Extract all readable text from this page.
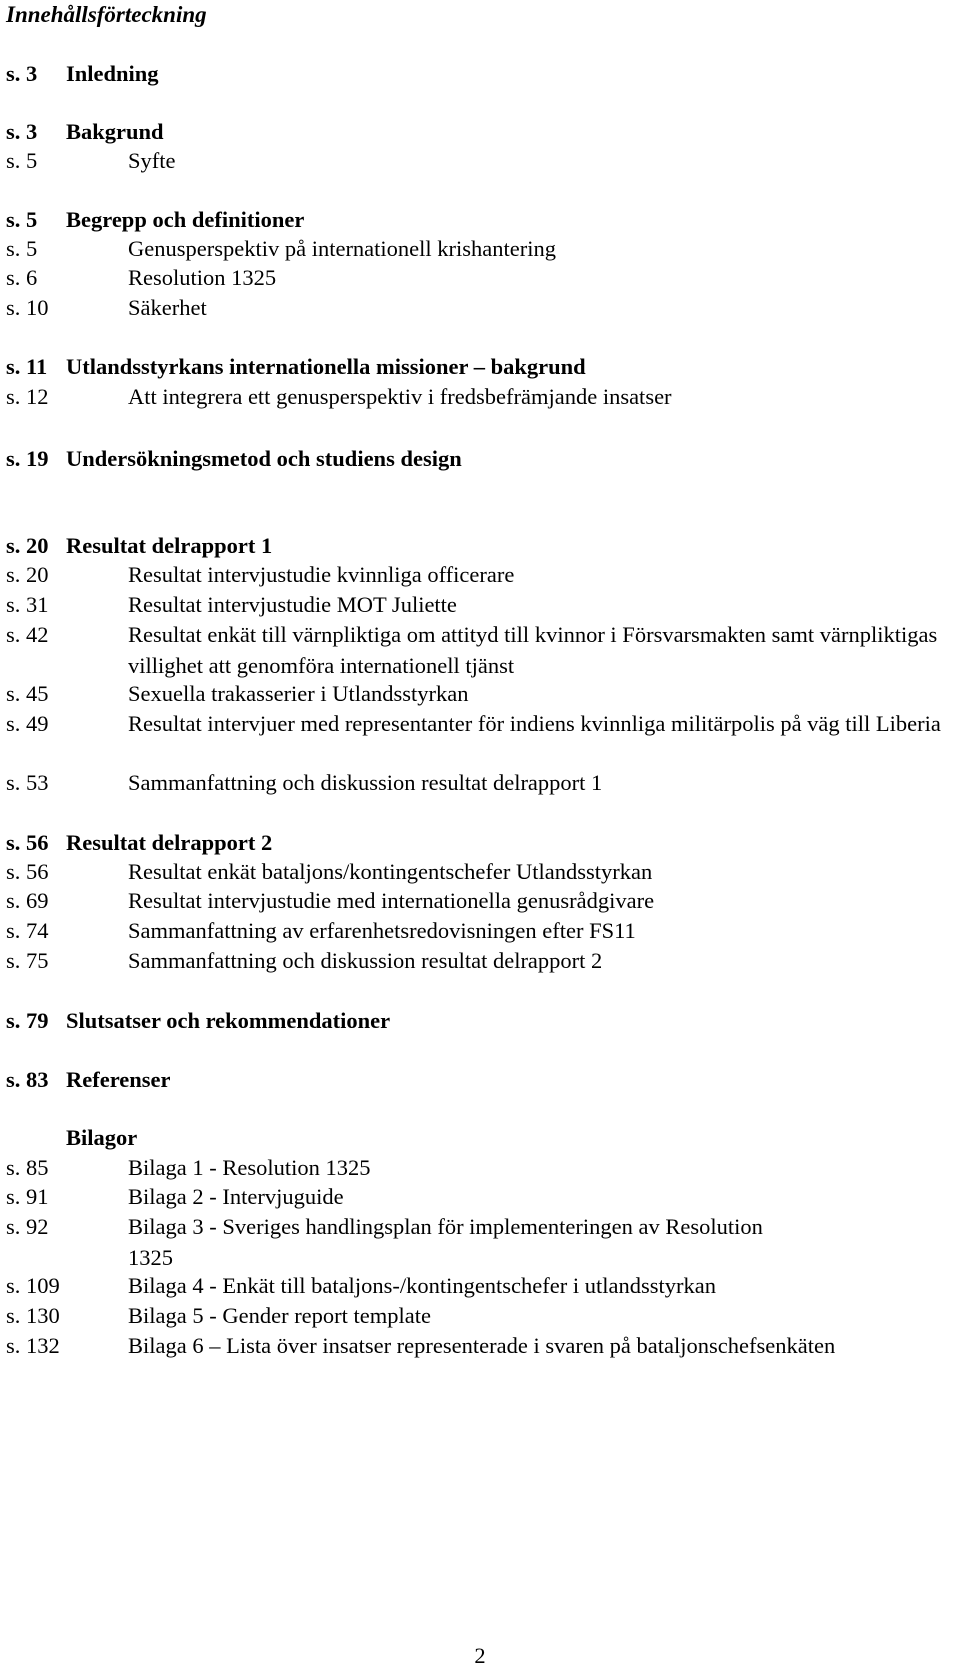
Innehållsförteckning
s. 3 Inledning
s. 3 Bakgrund
s. 5	Syfte
s. 5 Begrepp och definitioner
s. 5	Genusperspektiv på internationell krishantering
s. 6	Resolution 1325
s. 10	Säkerhet
s. 11 Utlandsstyrkans internationella missioner – bakgrund
s. 12	Att integrera ett genusperspektiv i fredsbefrämjande insatser
s. 19 Undersökningsmetod och studiens design
s. 20 Resultat delrapport 1
s. 20	Resultat intervjustudie kvinnliga officerare
s. 31	Resultat intervjustudie MOT Juliette
s. 42	Resultat enkät till värnpliktiga om attityd till kvinnor i Försvarsmakten samt värnpliktigas villighet att genomföra internationell tjänst
s. 45	Sexuella trakasserier i Utlandsstyrkan
s. 49	Resultat intervjuer med representanter för indiens kvinnliga militärpolis på väg till Liberia
s. 53	Sammanfattning och diskussion resultat delrapport 1
s. 56 Resultat delrapport 2
s. 56	Resultat enkät bataljons/kontingentschefer Utlandsstyrkan
s. 69	Resultat intervjustudie med internationella genusrådgivare
s. 74	Sammanfattning av erfarenhetsredovisningen efter FS11
s. 75	Sammanfattning och diskussion resultat delrapport 2
s. 79 Slutsatser och rekommendationer
s. 83 Referenser
Bilagor
s. 85	Bilaga 1 - Resolution 1325
s. 91	Bilaga 2 - Intervjuguide
s. 92	Bilaga 3 - Sveriges handlingsplan för implementeringen av Resolution 1325
s. 109	Bilaga 4 - Enkät till bataljons-/kontingentschefer i utlandsstyrkan
s. 130	Bilaga 5 - Gender report template
s. 132	Bilaga 6 – Lista över insatser representerade i svaren på bataljonschefsenkäten
2
